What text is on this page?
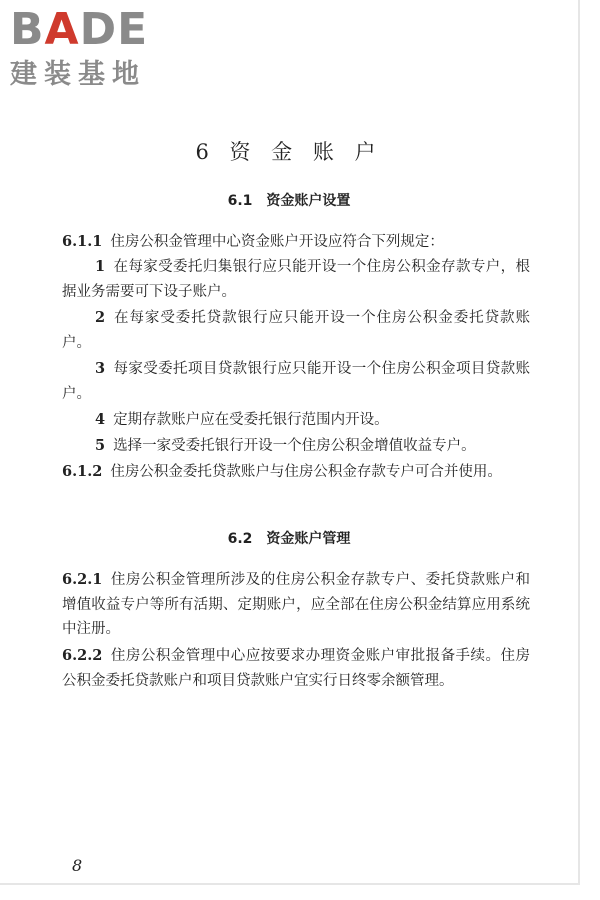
BADE
建装基地
6 资 金 账 户
6.1 资金账户设置
6.1.1 住房公积金管理中心资金账户开设应符合下列规定：
1 在每家受委托归集银行应只能开设一个住房公积金存款专户，根据业务需要可下设子账户。
2 在每家受委托贷款银行应只能开设一个住房公积金委托贷款账户。
3 每家受委托项目贷款银行应只能开设一个住房公积金项目贷款账户。
4 定期存款账户应在受委托银行范围内开设。
5 选择一家受委托银行开设一个住房公积金增值收益专户。
6.1.2 住房公积金委托贷款账户与住房公积金存款专户可合并使用。
6.2 资金账户管理
6.2.1 住房公积金管理所涉及的住房公积金存款专户、委托贷款账户和增值收益专户等所有活期、定期账户，应全部在住房公积金结算应用系统中注册。
6.2.2 住房公积金管理中心应按要求办理资金账户审批报备手续。住房公积金委托贷款账户和项目贷款账户宜实行日终零余额管理。
8
